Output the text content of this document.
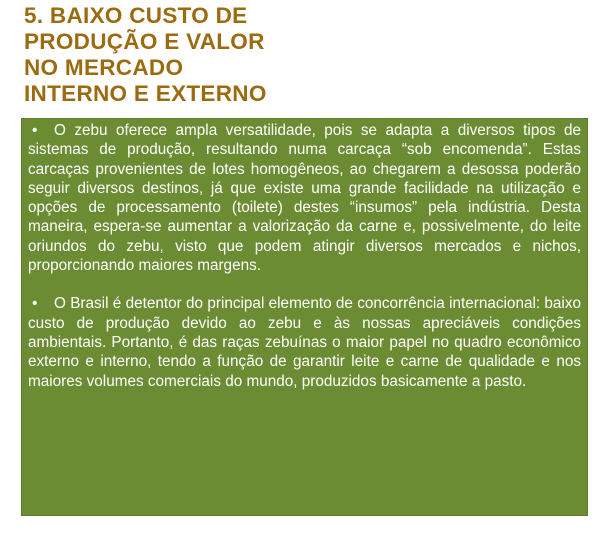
5. BAIXO CUSTO DE
PRODUÇÃO E VALOR
NO MERCADO
INTERNO E EXTERNO

• O zebu oferece ampla versatilidade, pois se adapta a diversos tipos de sistemas de produção, resultando numa carcaça “sob encomenda”. Estas carcaças provenientes de lotes homogêneos, ao chegarem a desossa poderão seguir diversos destinos, já que existe uma grande facilidade na utilização e opções de processamento (toilete) destes “insumos” pela indústria. Desta maneira, espera-se aumentar a valorização da carne e, possivelmente, do leite oriundos do zebu, visto que podem atingir diversos mercados e nichos, proporcionando maiores margens.

• O Brasil é detentor do principal elemento de concorrência internacional: baixo custo de produção devido ao zebu e às nossas apreciáveis condições ambientais. Portanto, é das raças zebuínas o maior papel no quadro econômico externo e interno, tendo a função de garantir leite e carne de qualidade e nos maiores volumes comerciais do mundo, produzidos basicamente a pasto.
